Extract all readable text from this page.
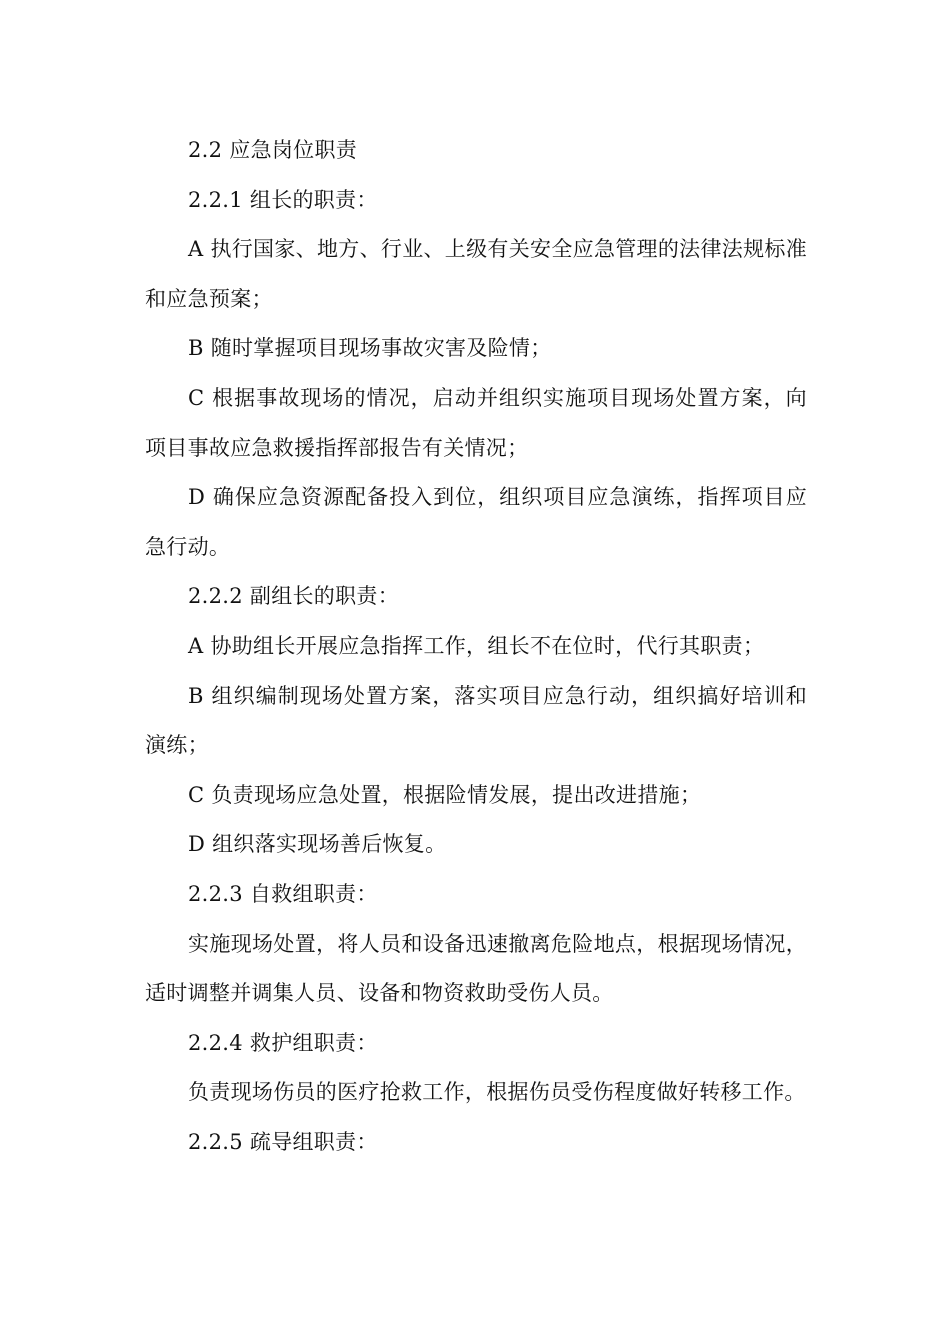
2.2 应急岗位职责

2.2.1 组长的职责：

A 执行国家、地方、行业、上级有关安全应急管理的法律法规标准和应急预案；

B 随时掌握项目现场事故灾害及险情；

C 根据事故现场的情况，启动并组织实施项目现场处置方案，向项目事故应急救援指挥部报告有关情况；

D 确保应急资源配备投入到位，组织项目应急演练，指挥项目应急行动。

2.2.2 副组长的职责：

A 协助组长开展应急指挥工作，组长不在位时，代行其职责；

B 组织编制现场处置方案，落实项目应急行动，组织搞好培训和演练；

C 负责现场应急处置，根据险情发展，提出改进措施；

D 组织落实现场善后恢复。

2.2.3 自救组职责：

实施现场处置，将人员和设备迅速撤离危险地点，根据现场情况，适时调整并调集人员、设备和物资救助受伤人员。

2.2.4 救护组职责：

负责现场伤员的医疗抢救工作，根据伤员受伤程度做好转移工作。

2.2.5 疏导组职责：
